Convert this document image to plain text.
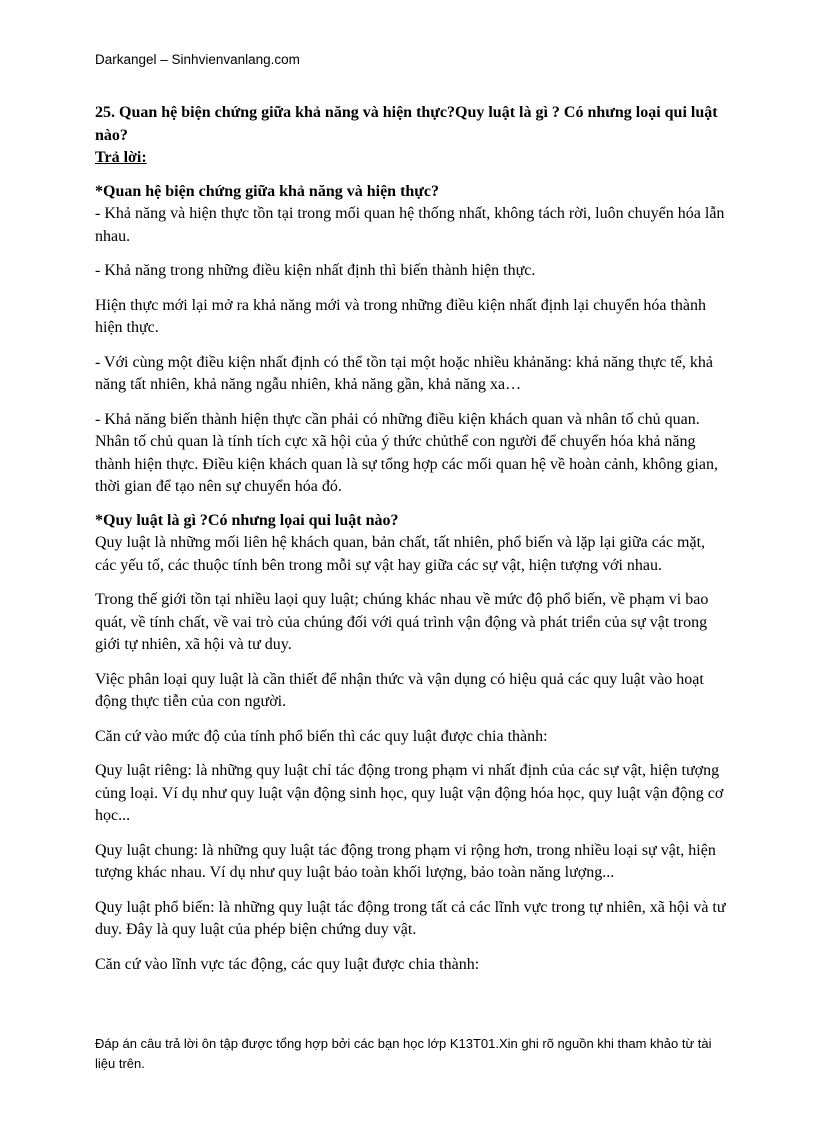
Darkangel – Sinhvienvanlang.com

25. Quan hệ biện chứng giữa khả năng và hiện thực?Quy luật là gì ? Có nhưng loại qui luật nào?

Trả lời:

*Quan hệ biện chứng giữa khả năng và hiện thực?

- Khả năng và hiện thực tồn tại trong mối quan hệ thống nhất, không tách rời, luôn chuyển hóa lẫn nhau.

- Khả năng trong những điều kiện nhất định thì biến thành hiện thực.

Hiện thực mới lại mở ra khả năng mới và trong những điều kiện nhất định lại chuyển hóa thành hiện thực.

- Với cùng một điều kiện nhất định có thể tồn tại một hoặc nhiều khảnăng: khả năng thực tế, khả năng tất nhiên, khả năng ngẫu nhiên, khả năng gần, khả năng xa…

- Khả năng biến thành hiện thực cần phải có những điều kiện khách quan và nhân tố chủ quan. Nhân tố chủ quan là tính tích cực xã hội của ý thức chủthể con người để chuyển hóa khả năng thành hiện thực. Điều kiện khách quan là sự tổng hợp các mối quan hệ về hoàn cảnh, không gian, thời gian để tạo nên sự chuyển hóa đó.

*Quy luật là gì ?Có nhưng lọai qui luật nào?

Quy luật là những mối liên hệ khách quan, bản chất, tất nhiên, phổ biến và lặp lại giữa các mặt, các yếu tố, các thuộc tính bên trong mỗi sự vật hay giữa các sự vật, hiện tượng với nhau.

Trong thế giới tồn tại nhiều laọi quy luật; chúng khác nhau về mức độ phổ biến, về phạm vi bao quát, về tính chất, về vai trò của chúng đối với quá trình vận động và phát triển của sự vật trong giới tự nhiên, xã hội và tư duy.

Việc phân loại quy luật là cần thiết để nhận thức và vận dụng có hiệu quả các quy luật vào hoạt động thực tiễn của con người.

Căn cứ vào mức độ của tính phổ biến thì các quy luật được chia thành:

Quy luật riêng: là những quy luật chỉ tác động trong phạm vi nhất định của các sự vật, hiện tượng củng loại. Ví dụ như quy luật vận động sinh học, quy luật vận động hóa học, quy luật vận động cơ học...

Quy luật chung: là những quy luật tác động trong phạm vi rộng hơn, trong nhiều loại sự vật, hiện tượng khác nhau. Ví dụ như quy luật bảo toàn khối lượng, bảo toàn năng lượng...

Quy luật phổ biến: là những quy luật tác động trong tất cả các lĩnh vực trong tự nhiên, xã hội và tư duy. Đây là quy luật của phép biện chứng duy vật.

Căn cứ vào lĩnh vực tác động, các quy luật được chia thành:

Đáp án câu trả lời ôn tập được tổng hợp bởi các bạn học lớp K13T01.Xin ghi rõ nguồn khi tham khảo từ tài liệu trên.
